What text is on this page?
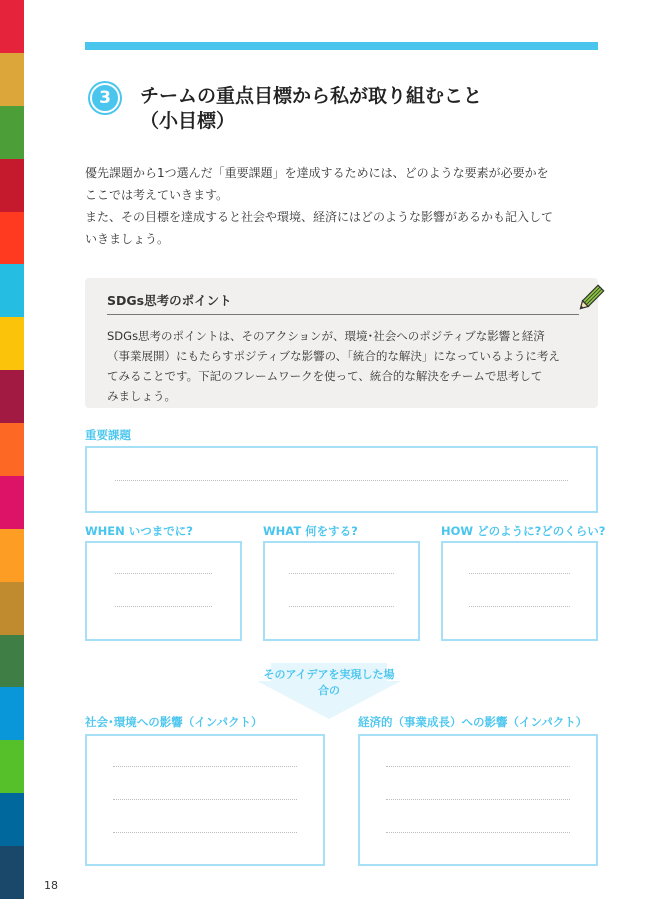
3	チームの重点目標から私が取り組むこと
（小目標）

優先課題から1つ選んだ「重要課題」を達成するためには、どのような要素が必要かを

ここでは考えていきます。

また、その目標を達成すると社会や環境、経済にはどのような影響があるかも記入して

いきましょう。

SDGs思考のポイント

SDGs思考のポイントは、そのアクションが、環境･社会へのポジティブな影響と経済

（事業展開）にもたらすポジティブな影響の、「統合的な解決」になっているように考え

てみることです。下記のフレームワークを使って、統合的な解決をチームで思考して

みましょう。

重要課題
WHEN いつまでに?	WHAT 何をする?	HOW どのように?どのくらい?
そのアイデアを実現した場合の
社会･環境への影響（インパクト）	経済的（事業成長）への影響（インパクト）
18
